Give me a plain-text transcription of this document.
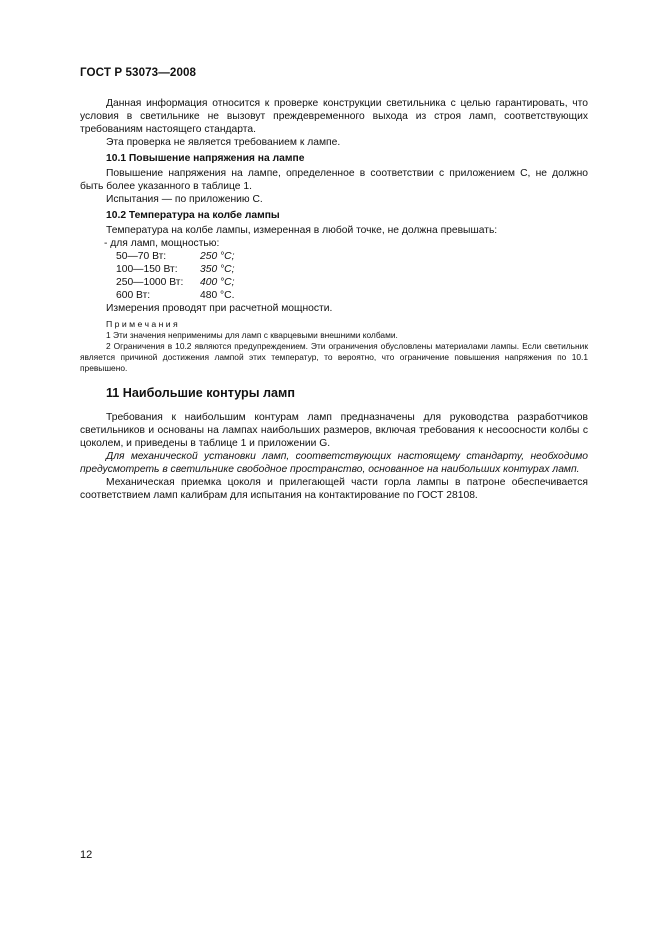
ГОСТ Р 53073—2008

Данная информация относится к проверке конструкции светильника с целью гарантировать, что условия в светильнике не вызовут преждевременного выхода из строя ламп, соответствующих требованиям настоящего стандарта.

Эта проверка не является требованием к лампе.

10.1 Повышение напряжения на лампе

Повышение напряжения на лампе, определенное в соответствии с приложением С, не должно быть более указанного в таблице 1.

Испытания — по приложению С.

10.2 Температура на колбе лампы

Температура на колбе лампы, измеренная в любой точке, не должна превышать:

- для ламп, мощностью:
50—70 Вт:	250 °С;
100—150 Вт:	350 °С;
250—1000 Вт:	400 °С;
600 Вт:	480 °С.

Измерения проводят при расчетной мощности.

Примечания
1 Эти значения неприменимы для ламп с кварцевыми внешними колбами.
2 Ограничения в 10.2 являются предупреждением. Эти ограничения обусловлены материалами лампы. Если светильник является причиной достижения лампой этих температур, то вероятно, что ограничение повышения напряжения по 10.1 превышено.
11 Наибольшие контуры ламп

Требования к наибольшим контурам ламп предназначены для руководства разработчиков светильников и основаны на лампах наибольших размеров, включая требования к несоосности колбы с цоколем, и приведены в таблице 1 и приложении G.

Для механической установки ламп, соответствующих настоящему стандарту, необходимо предусмотреть в светильнике свободное пространство, основанное на наибольших контурах ламп.

Механическая приемка цоколя и прилегающей части горла лампы в патроне обеспечивается соответствием ламп калибрам для испытания на контактирование по ГОСТ 28108.

12
